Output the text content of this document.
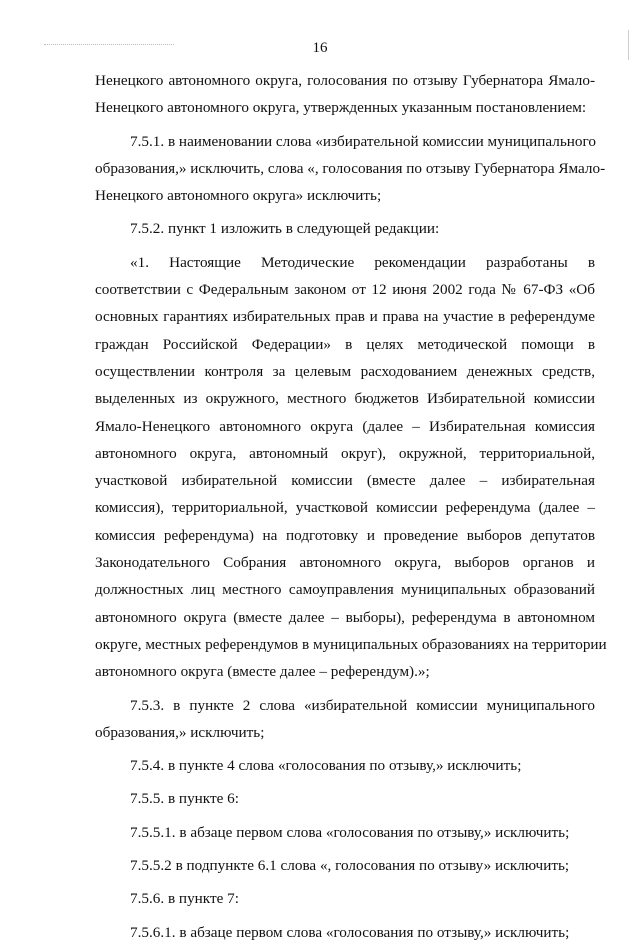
16
Ненецкого автономного округа, голосования по отзыву Губернатора Ямало-
Ненецкого автономного округа, утвержденных указанным постановлением:
7.5.1. в наименовании слова «избирательной комиссии муниципального
образования,» исключить, слова «, голосования по отзыву Губернатора Ямало-
Ненецкого автономного округа» исключить;
7.5.2. пункт 1 изложить в следующей редакции:
«1. Настоящие Методические рекомендации разработаны в
соответствии с Федеральным законом от 12 июня 2002 года № 67-ФЗ «Об
основных гарантиях избирательных прав и права на участие в референдуме
граждан Российской Федерации» в целях методической помощи в
осуществлении контроля за целевым расходованием денежных средств,
выделенных из окружного, местного бюджетов Избирательной комиссии
Ямало-Ненецкого автономного округа (далее – Избирательная комиссия
автономного округа, автономный округ), окружной, территориальной,
участковой избирательной комиссии (вместе далее – избирательная
комиссия), территориальной, участковой комиссии референдума (далее –
комиссия референдума) на подготовку и проведение выборов депутатов
Законодательного Собрания автономного округа, выборов органов и
должностных лиц местного самоуправления муниципальных образований
автономного округа (вместе далее – выборы), референдума в автономном
округе, местных референдумов в муниципальных образованиях на территории
автономного округа (вместе далее – референдум).»;
7.5.3. в пункте 2 слова «избирательной комиссии муниципального
образования,» исключить;
7.5.4. в пункте 4 слова «голосования по отзыву,» исключить;
7.5.5. в пункте 6:
7.5.5.1. в абзаце первом слова «голосования по отзыву,» исключить;
7.5.5.2 в подпункте 6.1 слова «, голосования по отзыву» исключить;
7.5.6. в пункте 7:
7.5.6.1. в абзаце первом слова «голосования по отзыву,» исключить;
